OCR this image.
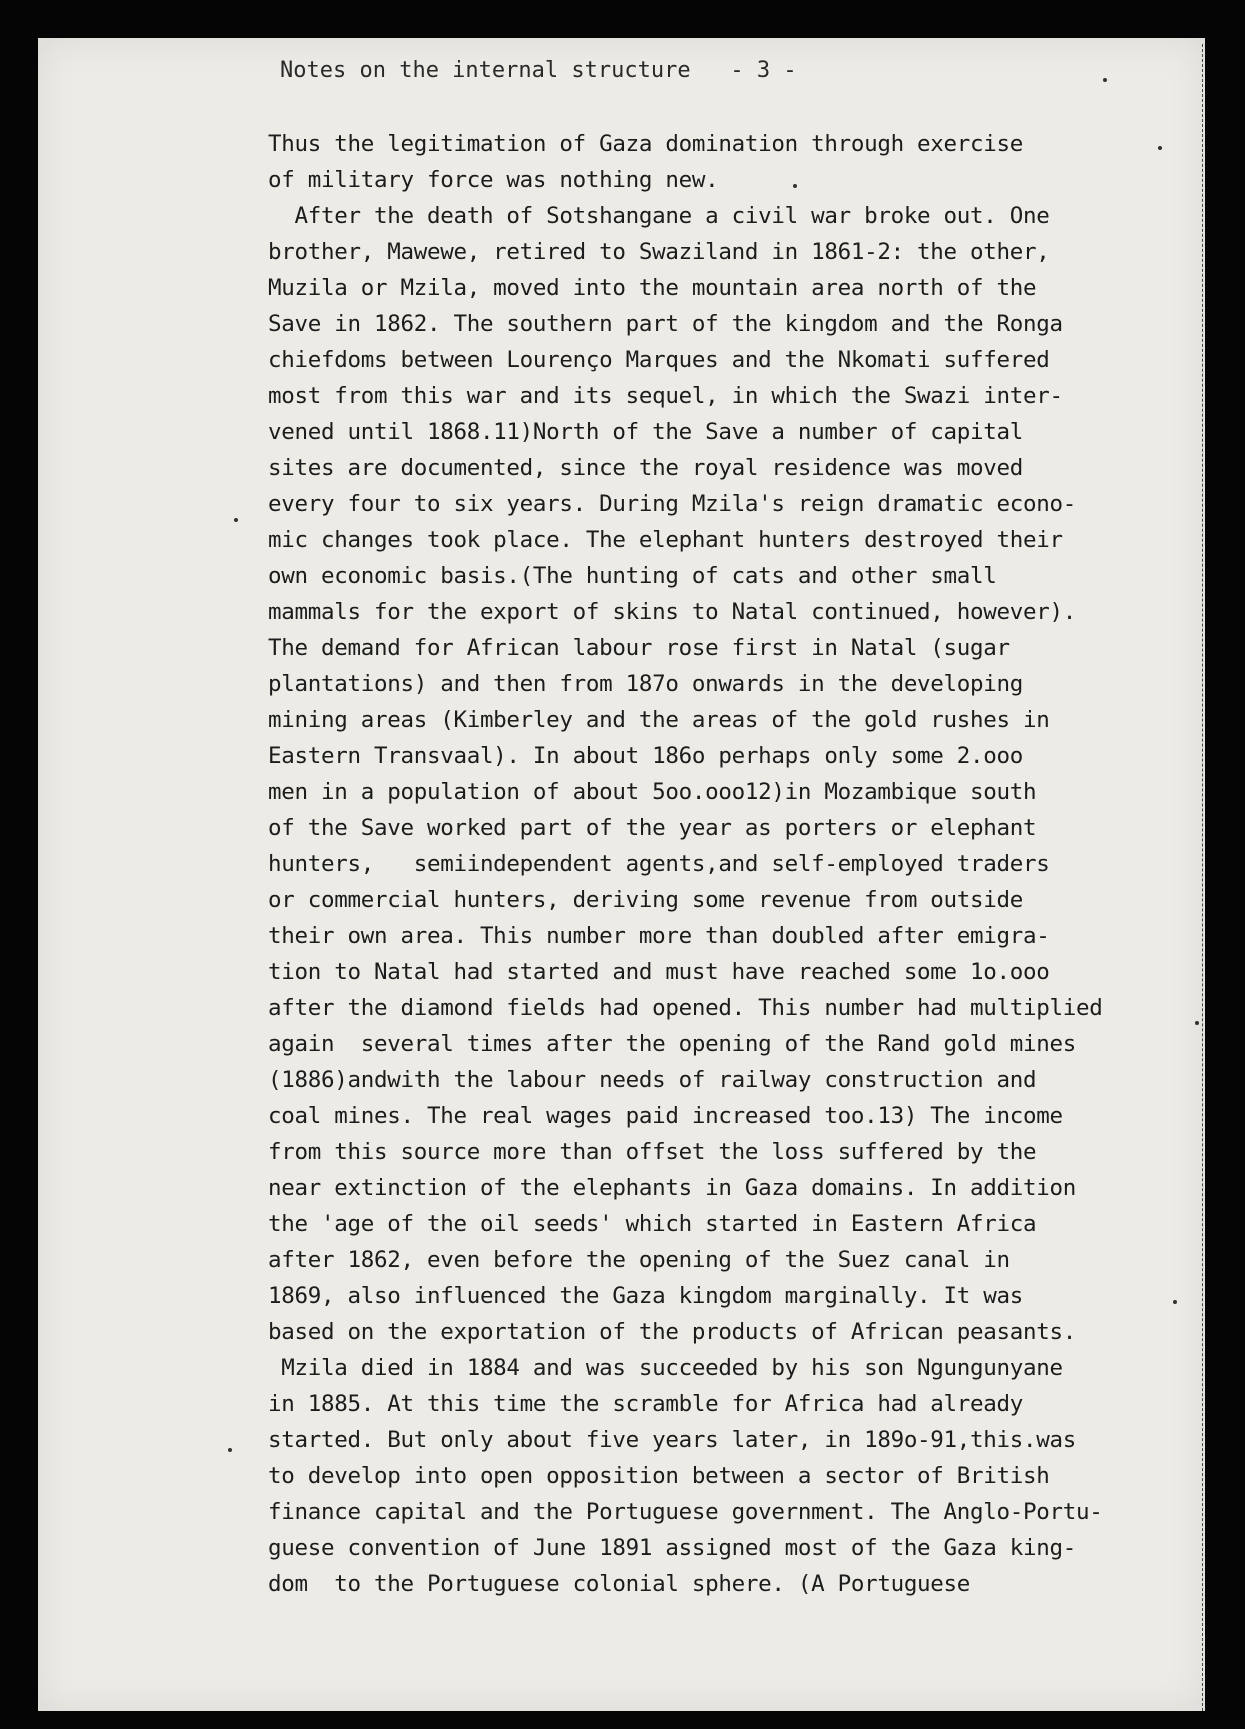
Notes on the internal structure   - 3 -
Thus the legitimation of Gaza domination through exercise
of military force was nothing new.
After the death of Sotshangane a civil war broke out. One
brother, Mawewe, retired to Swaziland in 1861-2: the other,
Muzila or Mzila, moved into the mountain area north of the
Save in 1862. The southern part of the kingdom and the Ronga
chiefdoms between Lourenço Marques and the Nkomati suffered
most from this war and its sequel, in which the Swazi inter-
vened until 1868.11)North of the Save a number of capital
sites are documented, since the royal residence was moved
every four to six years. During Mzila's reign dramatic econo-
mic changes took place. The elephant hunters destroyed their
own economic basis.(The hunting of cats and other small
mammals for the export of skins to Natal continued, however).
The demand for African labour rose first in Natal (sugar
plantations) and then from 187o onwards in the developing
mining areas (Kimberley and the areas of the gold rushes in
Eastern Transvaal). In about 186o perhaps only some 2.ooo
men in a population of about 5oo.ooo12)in Mozambique south
of the Save worked part of the year as porters or elephant
hunters,   semiindependent agents,and self-employed traders
or commercial hunters, deriving some revenue from outside
their own area. This number more than doubled after emigra-
tion to Natal had started and must have reached some 1o.ooo
after the diamond fields had opened. This number had multiplied
again  several times after the opening of the Rand gold mines
(1886)andwith the labour needs of railway construction and
coal mines. The real wages paid increased too.13) The income
from this source more than offset the loss suffered by the
near extinction of the elephants in Gaza domains. In addition
the 'age of the oil seeds' which started in Eastern Africa
after 1862, even before the opening of the Suez canal in
1869, also influenced the Gaza kingdom marginally. It was
based on the exportation of the products of African peasants.
Mzila died in 1884 and was succeeded by his son Ngungunyane
in 1885. At this time the scramble for Africa had already
started. But only about five years later, in 189o-91,this.was
to develop into open opposition between a sector of British
finance capital and the Portuguese government. The Anglo-Portu-
guese convention of June 1891 assigned most of the Gaza king-
dom  to the Portuguese colonial sphere. (A Portuguese
